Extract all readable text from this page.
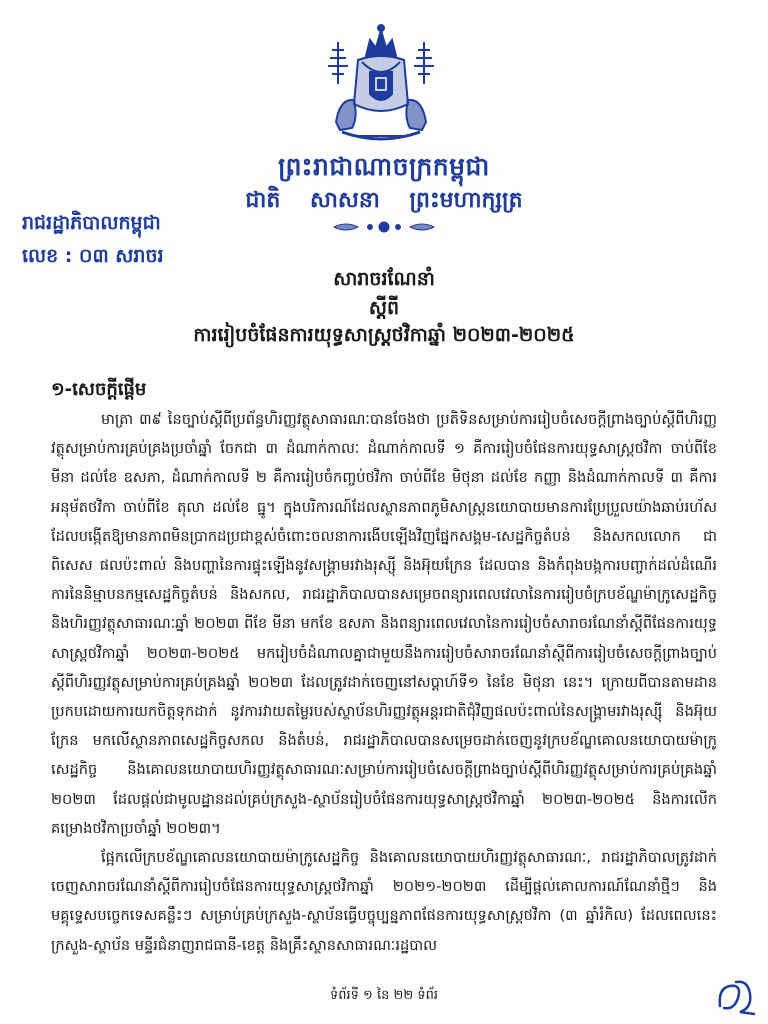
ព្រះរាជាណាចក្រកម្ពុជា
ជាតិ សាសនា ព្រះមហាក្សត្រ
រាជរដ្ឋាភិបាលកម្ពុជា
លេខ : ០៣ សរាចរ
សារាចរណែនាំ
ស្តីពី
ការរៀបចំផែនការយុទ្ធសាស្ត្រថវិកាឆ្នាំ ២០២៣-២០២៥
១-សេចក្តីផ្តើម

មាត្រា ៣៩ នៃច្បាប់ស្តីពីប្រព័ន្ធហិរញ្ញវត្ថុសាធារណៈបានចែងថា ប្រតិទិនសម្រាប់ការរៀបចំសេចក្តីព្រាងច្បាប់ស្តីពីហិរញ្ញវត្ថុសម្រាប់ការគ្រប់គ្រងប្រចាំឆ្នាំ ចែកជា ៣ ដំណាក់កាលៈ ដំណាក់កាលទី ១ គឺការរៀបចំផែនការយុទ្ធសាស្ត្រថវិកា ចាប់ពីខែ មីនា ដល់ខែ ឧសភា, ដំណាក់កាលទី ២ គឺការរៀបចំកញ្ចប់ថវិកា ចាប់ពីខែ មិថុនា ដល់ខែ កញ្ញា និងដំណាក់កាលទី ៣ គឺការអនុម័តថវិកា ចាប់ពីខែ តុលា ដល់ខែ ធ្នូ។ ក្នុងបរិការណ៍ដែលស្ថានភាពភូមិសាស្ត្រនយោបាយមានការប្រែប្រួលយ៉ាងឆាប់រហ័ស ដែលបង្កើតឱ្យមានភាពមិនប្រាកដប្រជាខ្ពស់ចំពោះចលនាការងើបឡើងវិញផ្នែកសង្គម-សេដ្ឋកិច្ចតំបន់ និងសកលលោក ជាពិសេស ផលប៉ះពាល់ និងបញ្ហានៃការផ្ទុះឡើងនូវសង្គ្រាមរវាងរុស្ស៊ី និងអ៊ុយក្រែន ដែលបាន និងកំពុងបង្កការបញ្ចាក់ដល់ដំណើរការនៃនិម្មាបនកម្មសេដ្ឋកិច្ចតំបន់ និងសកល, រាជរដ្ឋាភិបាលបានសម្រេចពន្យារពេលវេលានៃការរៀបចំក្របខ័ណ្ឌម៉ាក្រូសេដ្ឋកិច្ច និងហិរញ្ញវត្ថុសាធារណៈឆ្នាំ ២០២៣ ពីខែ មីនា មកខែ ឧសភា និងពន្យារពេលវេលានៃការរៀបចំសារាចរណែនាំស្តីពីផែនការយុទ្ធសាស្ត្រថវិកាឆ្នាំ ២០២៣-២០២៥ មករៀបចំដំណាលគ្នាជាមួយនឹងការរៀបចំសារាចរណែនាំស្តីពីការរៀបចំសេចក្តីព្រាងច្បាប់ស្តីពីហិរញ្ញវត្ថុសម្រាប់ការគ្រប់គ្រងឆ្នាំ ២០២៣ ដែលត្រូវដាក់ចេញនៅសប្តាហ៍ទី១ នៃខែ មិថុនា នេះ។ ក្រោយពីបានតាមដានប្រកបដោយការយកចិត្តទុកដាក់ នូវការវាយតម្លៃរបស់ស្ថាប័នហិរញ្ញវត្ថុអន្តរជាតិជុំវិញផលប៉ះពាល់នៃសង្គ្រាមរវាងរុស្ស៊ី និងអ៊ុយក្រែន មកលើស្ថានភាពសេដ្ឋកិច្ចសកល និងតំបន់, រាជរដ្ឋាភិបាលបានសម្រេចដាក់ចេញនូវក្របខ័ណ្ឌគោលនយោបាយម៉ាក្រូសេដ្ឋកិច្ច និងគោលនយោបាយហិរញ្ញវត្ថុសាធារណៈសម្រាប់ការរៀបចំសេចក្តីព្រាងច្បាប់ស្តីពីហិរញ្ញវត្ថុសម្រាប់ការគ្រប់គ្រងឆ្នាំ ២០២៣ ដែលផ្តល់ជាមូលដ្ឋានដល់គ្រប់ក្រសួង-ស្ថាប័នរៀបចំផែនការយុទ្ធសាស្ត្រថវិកាឆ្នាំ ២០២៣-២០២៥ និងការលើកគម្រោងថវិកាប្រចាំឆ្នាំ ២០២៣។

ផ្អែកលើក្របខ័ណ្ឌគោលនយោបាយម៉ាក្រូសេដ្ឋកិច្ច និងគោលនយោបាយហិរញ្ញវត្ថុសាធារណៈ, រាជរដ្ឋាភិបាលត្រូវដាក់ចេញសារាចរណែនាំស្តីពីការរៀបចំផែនការយុទ្ធសាស្ត្រថវិកាឆ្នាំ ២០២១-២០២៣ ដើម្បីផ្តល់គោលការណ៍ណែនាំថ្មីៗ និងមគ្គុទ្ទេសបច្ចេកទេសគន្លឹះៗ សម្រាប់គ្រប់ក្រសួង-ស្ថាប័នធ្វើបច្ចុប្បន្នភាពផែនការយុទ្ធសាស្ត្រថវិកា (៣ ឆ្នាំរំកិល) ដែលពេលនេះ ក្រសួង-ស្ថាប័ន មន្ទីរជំនាញរាជធានី-ខេត្ត និងគ្រឹះស្ថានសាធារណៈរដ្ឋបាល

ទំព័រទី ១ នៃ ២២ ទំព័រ
